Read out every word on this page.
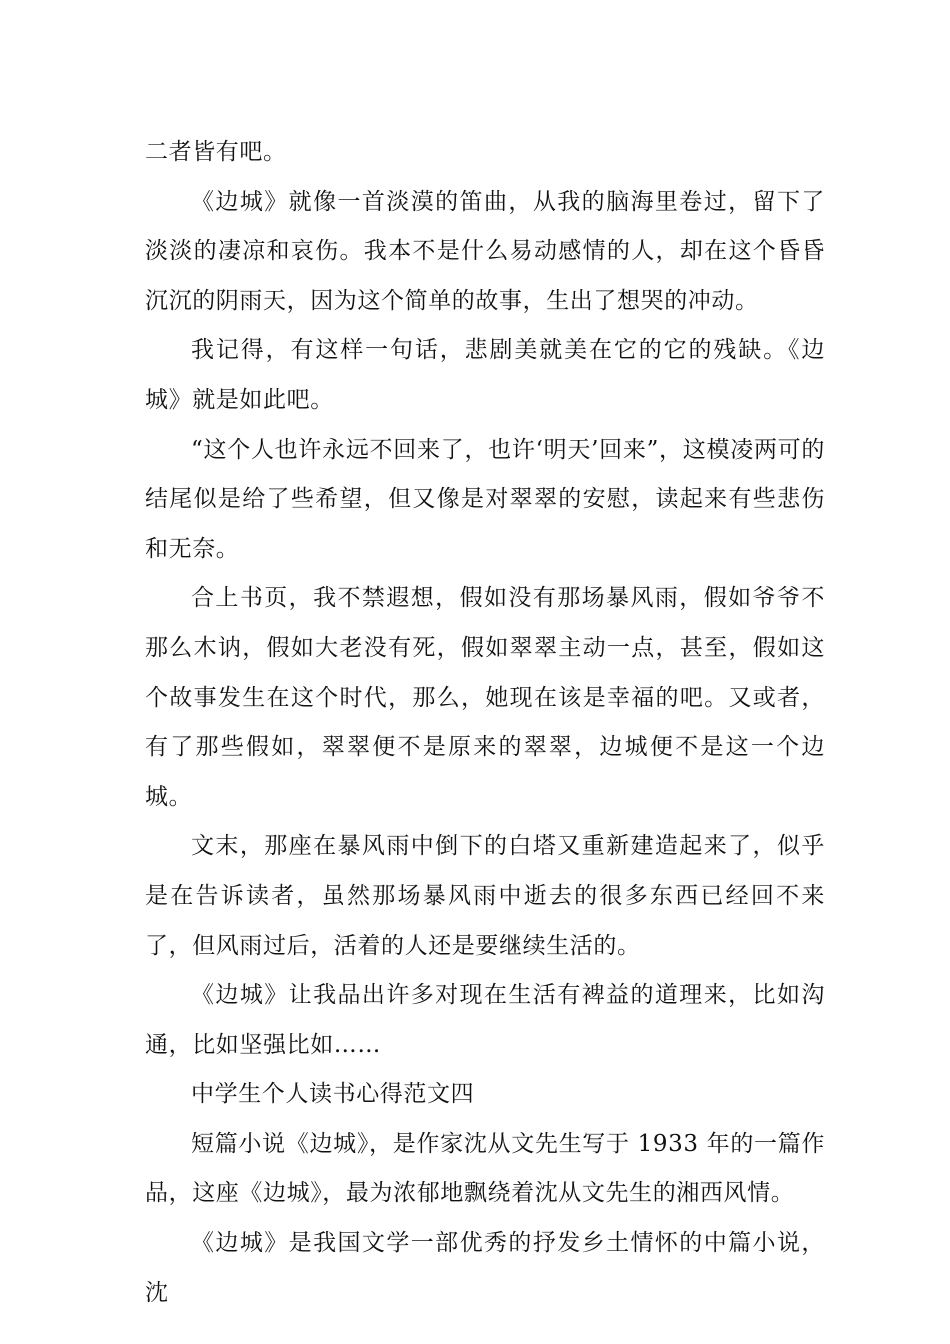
二者皆有吧。

《边城》就像一首淡漠的笛曲，从我的脑海里卷过，留下了淡淡的凄凉和哀伤。我本不是什么易动感情的人，却在这个昏昏沉沉的阴雨天，因为这个简单的故事，生出了想哭的冲动。

我记得，有这样一句话，悲剧美就美在它的它的残缺。《边城》就是如此吧。

“这个人也许永远不回来了，也许‘明天’回来”，这模凌两可的结尾似是给了些希望，但又像是对翠翠的安慰，读起来有些悲伤和无奈。

合上书页，我不禁遐想，假如没有那场暴风雨，假如爷爷不那么木讷，假如大老没有死，假如翠翠主动一点，甚至，假如这个故事发生在这个时代，那么，她现在该是幸福的吧。又或者，有了那些假如，翠翠便不是原来的翠翠，边城便不是这一个边城。

文末，那座在暴风雨中倒下的白塔又重新建造起来了，似乎是在告诉读者，虽然那场暴风雨中逝去的很多东西已经回不来了，但风雨过后，活着的人还是要继续生活的。

《边城》让我品出许多对现在生活有裨益的道理来，比如沟通，比如坚强比如……

中学生个人读书心得范文四

短篇小说《边城》，是作家沈从文先生写于 1933 年的一篇作品，这座《边城》，最为浓郁地飘绕着沈从文先生的湘西风情。

《边城》是我国文学一部优秀的抒发乡土情怀的中篇小说，沈
